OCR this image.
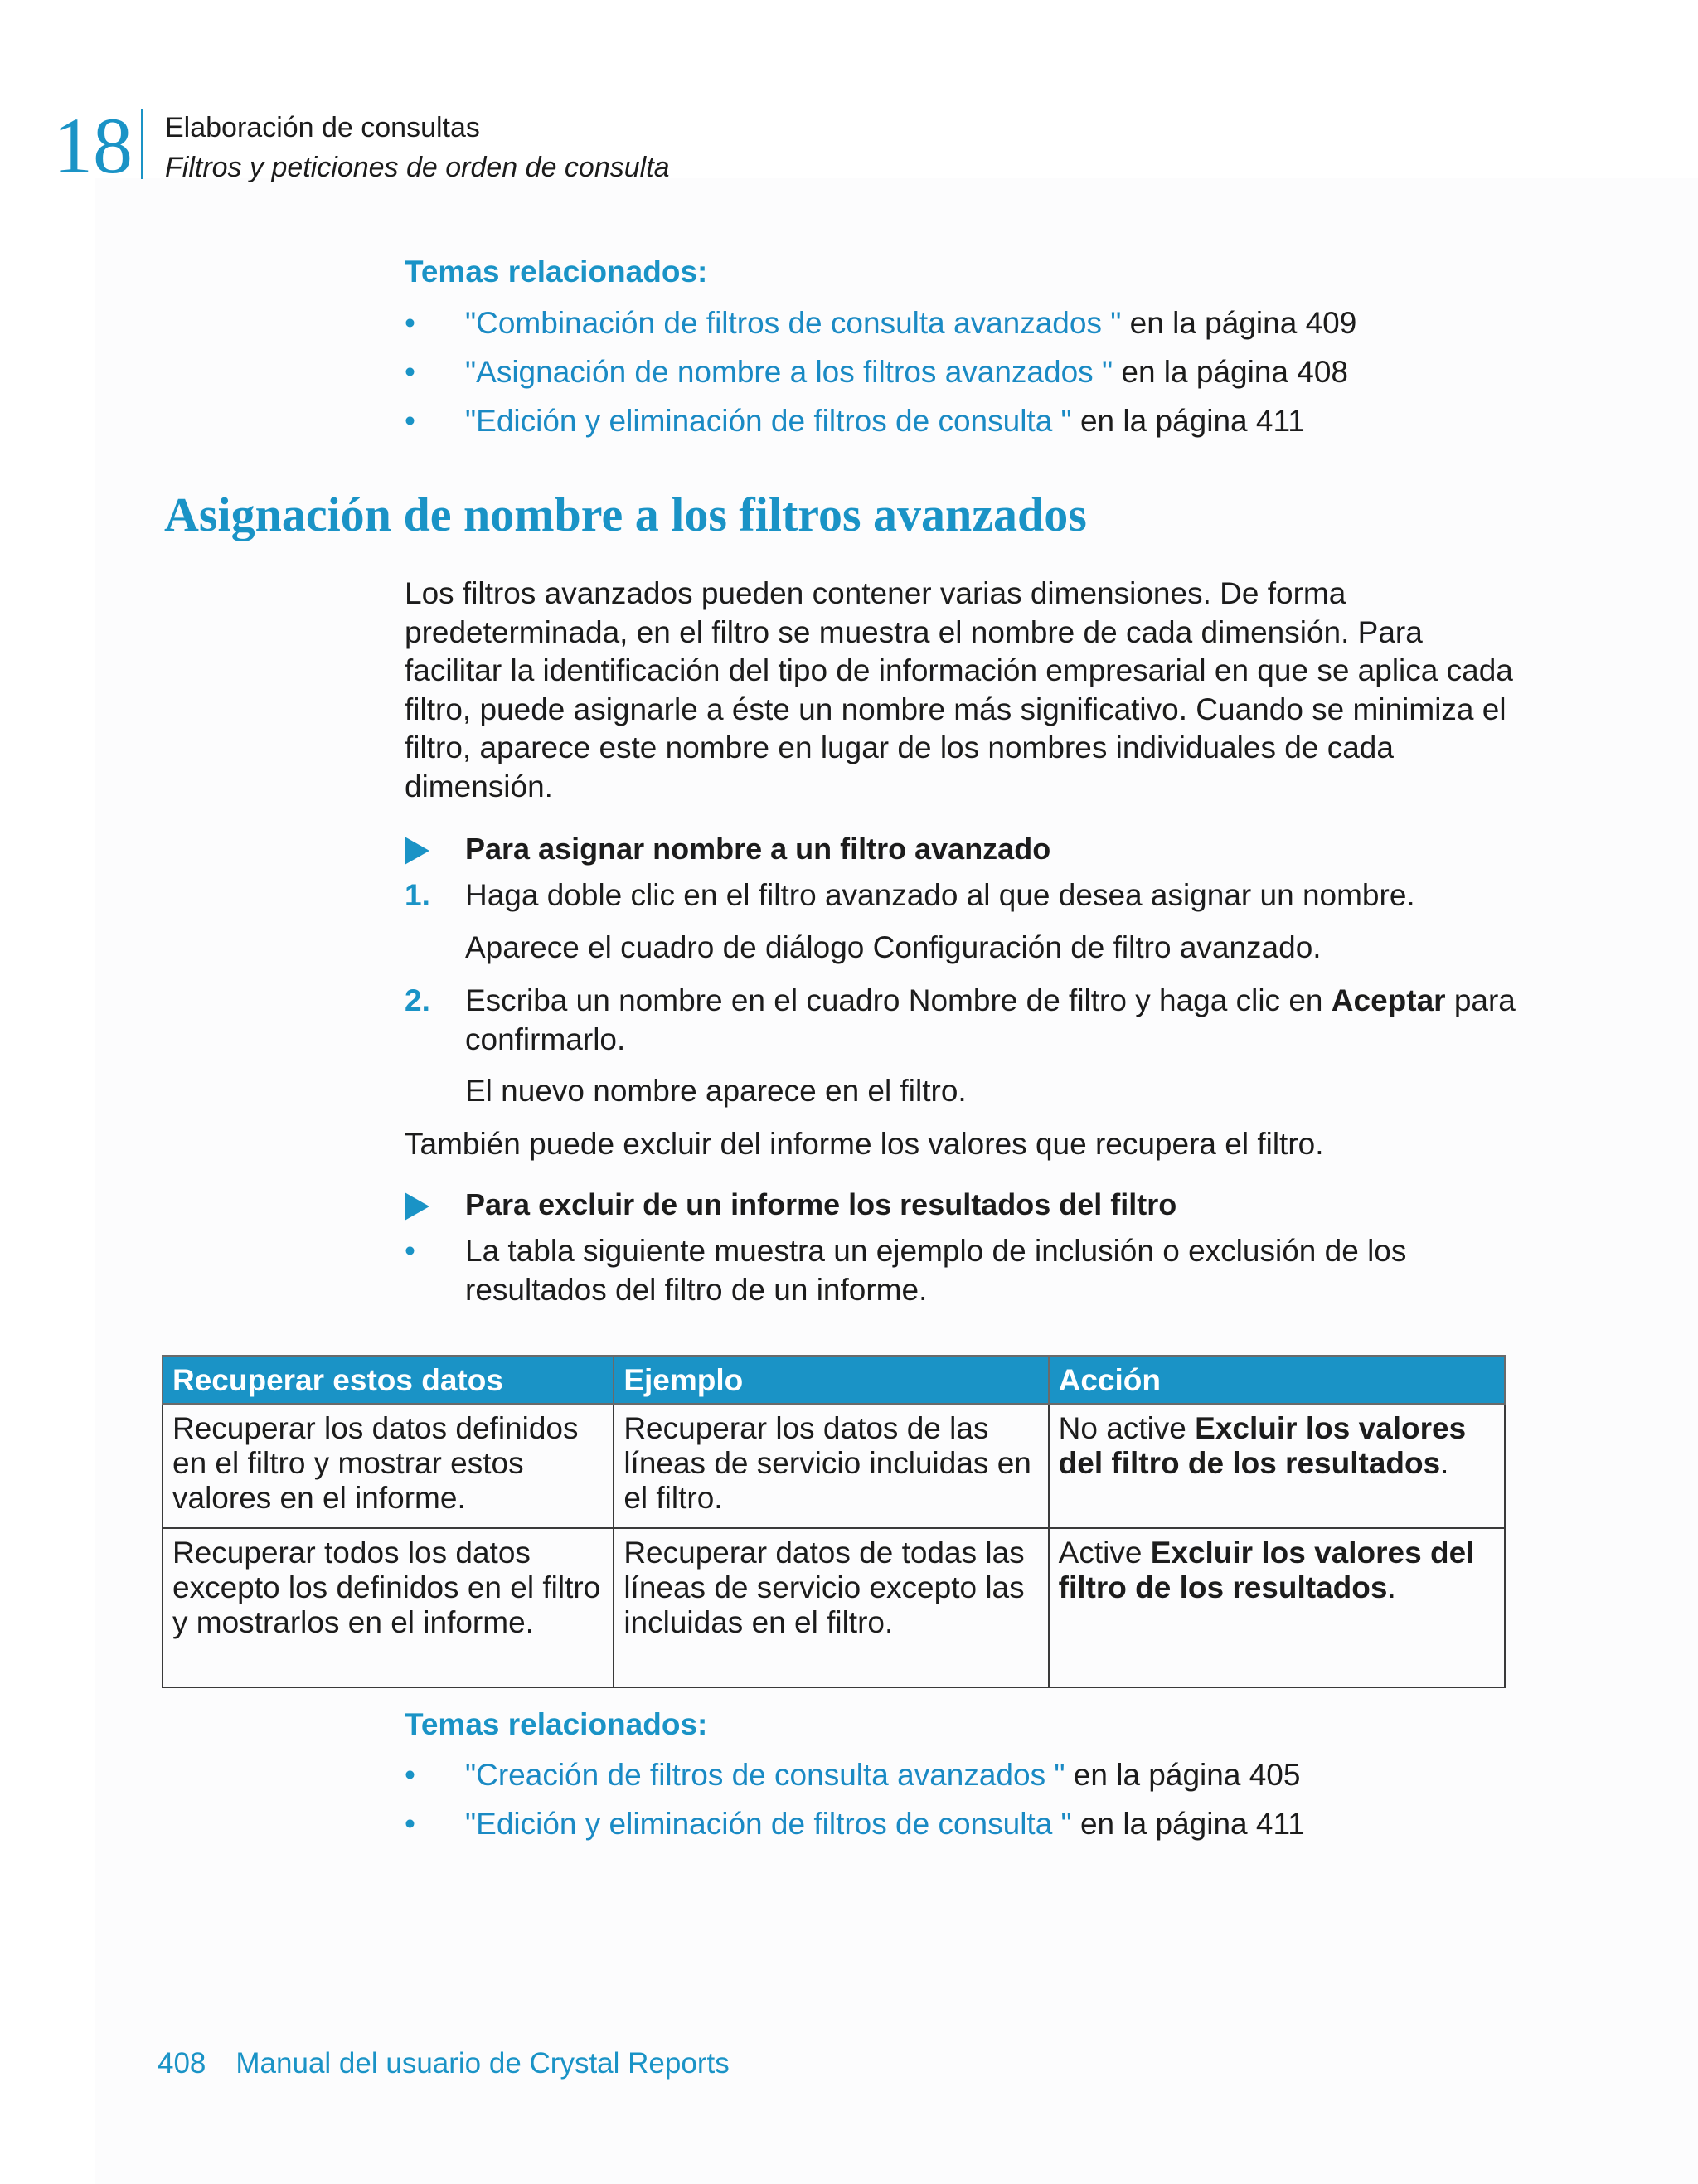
18 Elaboración de consultas
Filtros y peticiones de orden de consulta
Temas relacionados:
• "Combinación de filtros de consulta avanzados " en la página 409
• "Asignación de nombre a los filtros avanzados " en la página 408
• "Edición y eliminación de filtros de consulta " en la página 411
Asignación de nombre a los filtros avanzados
Los filtros avanzados pueden contener varias dimensiones. De forma predeterminada, en el filtro se muestra el nombre de cada dimensión. Para facilitar la identificación del tipo de información empresarial en que se aplica cada filtro, puede asignarle a éste un nombre más significativo. Cuando se minimiza el filtro, aparece este nombre en lugar de los nombres individuales de cada dimensión.
Para asignar nombre a un filtro avanzado
1.	Haga doble clic en el filtro avanzado al que desea asignar un nombre.
Aparece el cuadro de diálogo Configuración de filtro avanzado.
2.	Escriba un nombre en el cuadro Nombre de filtro y haga clic en Aceptar para confirmarlo.
El nuevo nombre aparece en el filtro.
También puede excluir del informe los valores que recupera el filtro.
Para excluir de un informe los resultados del filtro
• La tabla siguiente muestra un ejemplo de inclusión o exclusión de los resultados del filtro de un informe.
Recuperar estos datos	Ejemplo	Acción
Recuperar los datos definidos en el filtro y mostrar estos valores en el informe.	Recuperar los datos de las líneas de servicio incluidas en el filtro.	No active Excluir los valores del filtro de los resultados.
Recuperar todos los datos excepto los definidos en el filtro y mostrarlos en el informe.	Recuperar datos de todas las líneas de servicio excepto las incluidas en el filtro.	Active Excluir los valores del filtro de los resultados.
Temas relacionados:
• "Creación de filtros de consulta avanzados " en la página 405
• "Edición y eliminación de filtros de consulta " en la página 411
408 Manual del usuario de Crystal Reports
